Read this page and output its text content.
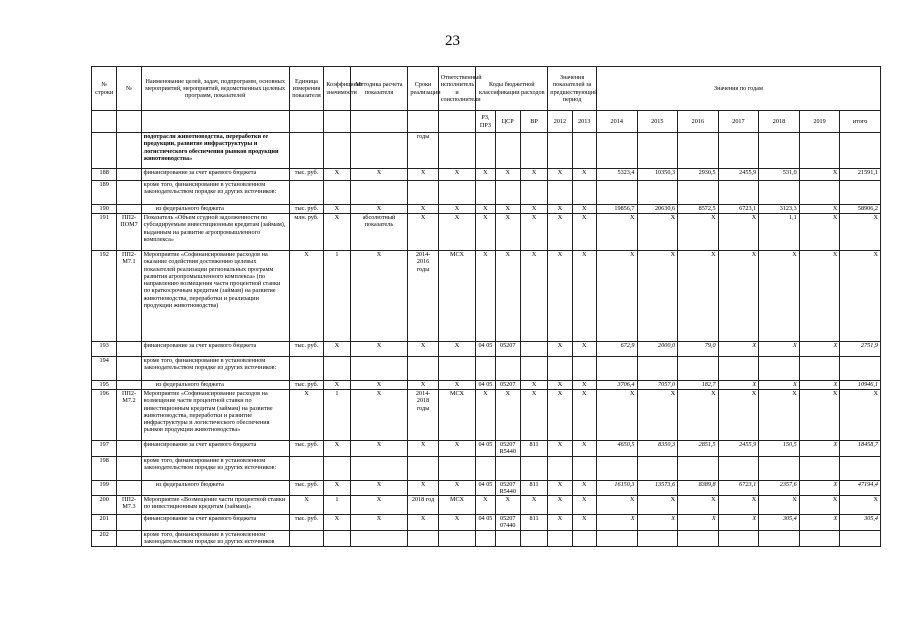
23
№ строки	№	Наименование целей, задач, подпрограмм, основных мероприятий, мероприятий, ведомственных целевых программ, показателей	Единица измерения показателя	Коэффициент значимости	Методика расчета показателя	Сроки реализации	Ответственный исполнитель и соисполнители	Коды бюджетной классификации расходов			Значения показателей за предшествующий период		Значения по годам						

								РЗ, ПРЗ	ЦСР	ВР	2012	2013	2014	2015	2016	2017	2018	2019	итого
		подотрасли животноводства, переработки ее продукции, развитие инфраструктуры и логистического обеспечения рынков продукции животноводства»				годы													
188		финансирование за счет краевого бюджета	тыс. руб.	X	X	X	X	X	X	X	X	X	5323,4	10350,3	2930,5	2455,9	531,0	X	21591,1
189		кроме того, финансирование в установленном законодательством порядке из других источников:																	
190		из федерального бюджета	тыс. руб.	X	X	X	X	X	X	X	X	X	19856,7	20630,6	8572,5	6723,1	3123,3	X	58906,2
191	ПП2-ПОМ7	Показатель «Объем ссудной задолженности по субсидируемым инвестиционным кредитам (займам), выданным на развитие агропромышленного комплекса»	млн. руб.	X	абсолютный показатель	X	X	X	X	X	X	X	X	X	X	X	1,1	X	X
192	ПП2-М7.1	Мероприятие «Софинансирование расходов на оказание содействия достижению целевых показателей реализации региональных программ развития агропромышленного комплекса» (по направлению возмещения части процентной ставки по краткосрочным кредитам (займам) на развитие животноводства, переработки и реализации продукции животноводства)	X	1	X	2014-2016 годы	МСХ	X	X	X	X	X	X	X	X	X	X	X	X
193		финансирование за счет краевого бюджета	тыс. руб.	X	X	X	X	04 05	05207		X	X	672,9	2000,0	79,0	X	X	X	2751,9
194		кроме того, финансирование в установленном законодательством порядке из других источников:																	
195		из федерального бюджета	тыс. руб.	X	X	X	X	04 05	05207	X	X	X	3706,4	7057,0	182,7	X	X	X	10946,1
196	ПП2-М7.2	Мероприятие «Софинансирование расходов на возмещение части процентной ставки по инвестиционным кредитам (займам) на развитие животноводства, переработки и развитие инфраструктуры и логистического обеспечения рынков продукции животноводства»	X	1	X	2014-2018 годы	МСХ	X	X	X	X	X	X	X	X	X	X	X	X
197		финансирование за счет краевого бюджета	тыс. руб.	X	X	X	X	04 05	05207 R5440	811	X	X	4650,5	8350,3	2851,5	2455,9	150,5	X	18458,7
198		кроме того, финансирование в установленном законодательством порядке из других источников:																	
199		из федерального бюджета	тыс. руб.	X	X	X	X	04 05	05207 R5440	811	X	X	16150,3	13573,6	8389,8	6723,1	2357,6	X	47194,4
200	ПП2-М7.3	Мероприятие «Возмещение части процентной ставки по инвестиционным кредитам (займам)»	X	1	X	2018 год	МСХ	X	X	X	X	X	X	X	X	X	X	X	X
201		финансирование за счет краевого бюджета	тыс. руб.	X	X	X	X	04 05	05207 07440	811	X	X	X	X	X	X	305,4	X	305,4
202		кроме того, финансирование в установленном законодательством порядке из других источников																	
